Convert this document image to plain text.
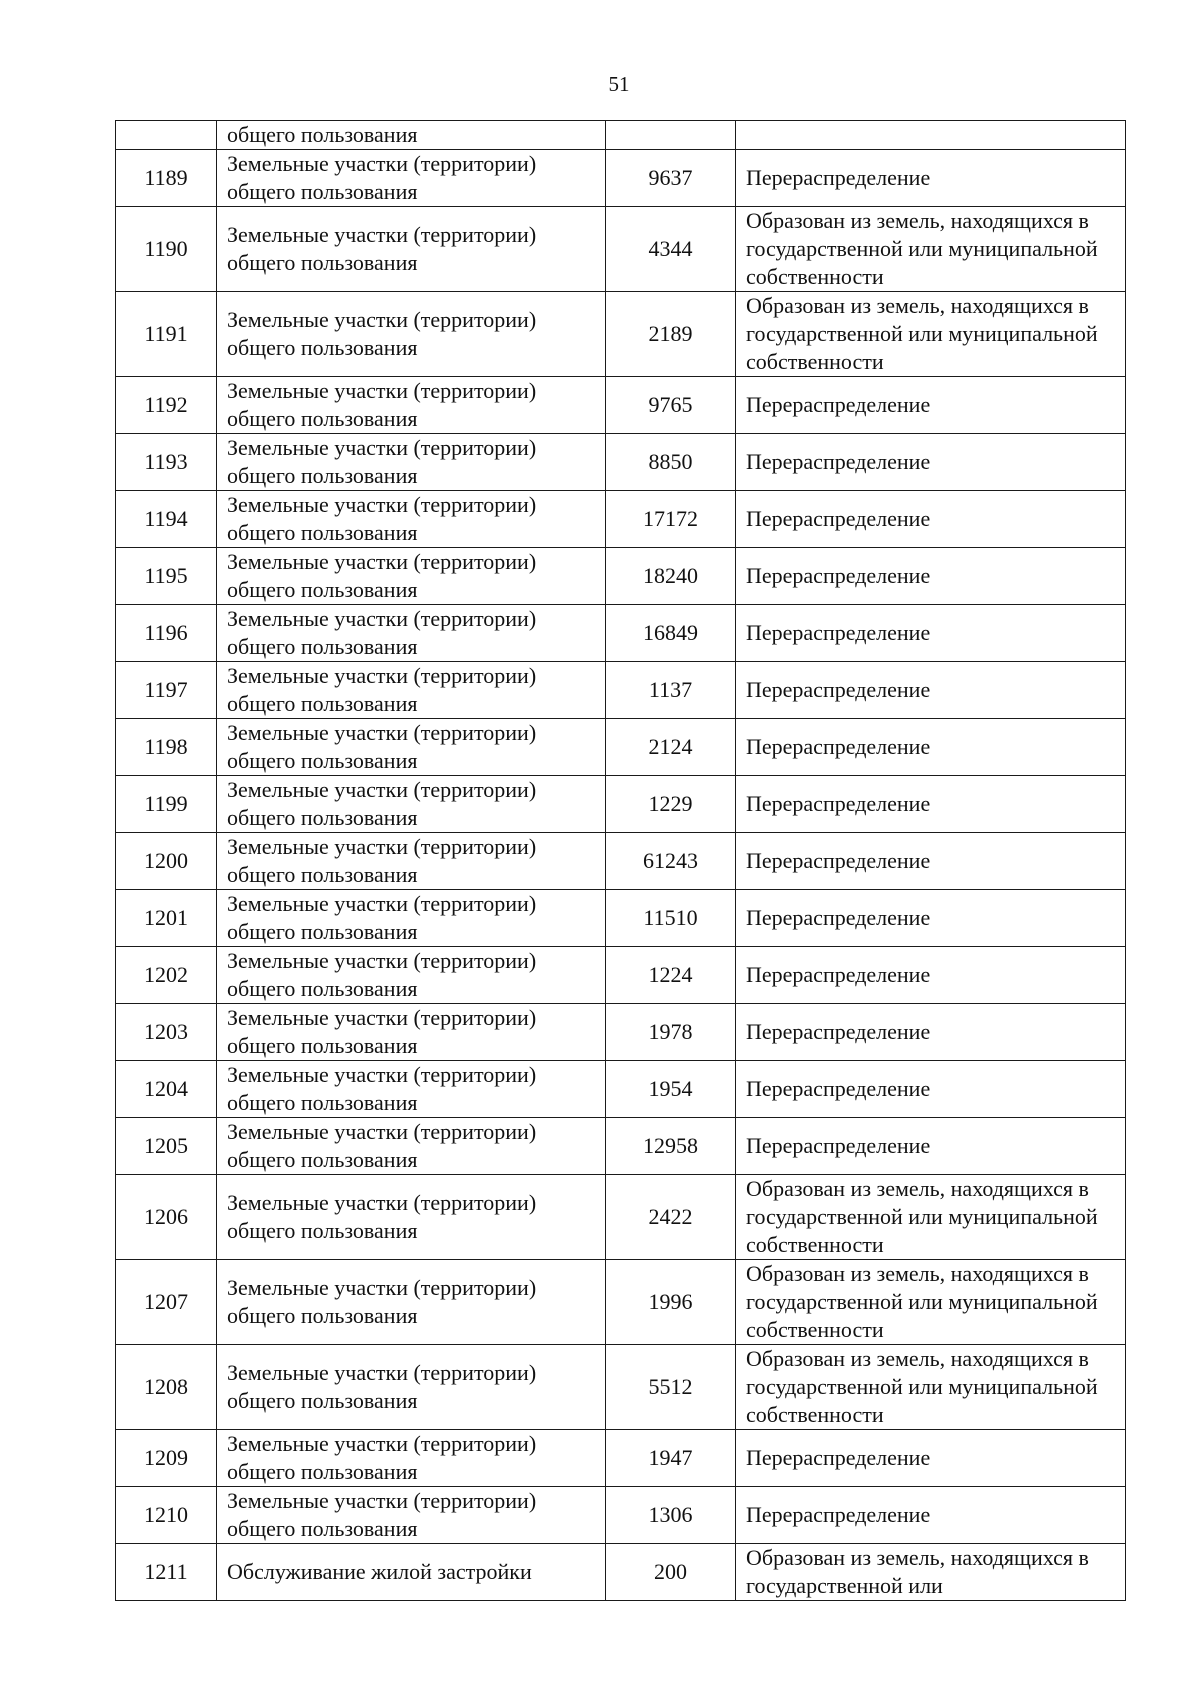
51
	общего пользования		
1189	Земельные участки (территории) общего пользования	9637	Перераспределение
1190	Земельные участки (территории) общего пользования	4344	Образован из земель, находящихся в государственной или муниципальной собственности
1191	Земельные участки (территории) общего пользования	2189	Образован из земель, находящихся в государственной или муниципальной собственности
1192	Земельные участки (территории) общего пользования	9765	Перераспределение
1193	Земельные участки (территории) общего пользования	8850	Перераспределение
1194	Земельные участки (территории) общего пользования	17172	Перераспределение
1195	Земельные участки (территории) общего пользования	18240	Перераспределение
1196	Земельные участки (территории) общего пользования	16849	Перераспределение
1197	Земельные участки (территории) общего пользования	1137	Перераспределение
1198	Земельные участки (территории) общего пользования	2124	Перераспределение
1199	Земельные участки (территории) общего пользования	1229	Перераспределение
1200	Земельные участки (территории) общего пользования	61243	Перераспределение
1201	Земельные участки (территории) общего пользования	11510	Перераспределение
1202	Земельные участки (территории) общего пользования	1224	Перераспределение
1203	Земельные участки (территории) общего пользования	1978	Перераспределение
1204	Земельные участки (территории) общего пользования	1954	Перераспределение
1205	Земельные участки (территории) общего пользования	12958	Перераспределение
1206	Земельные участки (территории) общего пользования	2422	Образован из земель, находящихся в государственной или муниципальной собственности
1207	Земельные участки (территории) общего пользования	1996	Образован из земель, находящихся в государственной или муниципальной собственности
1208	Земельные участки (территории) общего пользования	5512	Образован из земель, находящихся в государственной или муниципальной собственности
1209	Земельные участки (территории) общего пользования	1947	Перераспределение
1210	Земельные участки (территории) общего пользования	1306	Перераспределение
1211	Обслуживание жилой застройки	200	Образован из земель, находящихся в государственной или
